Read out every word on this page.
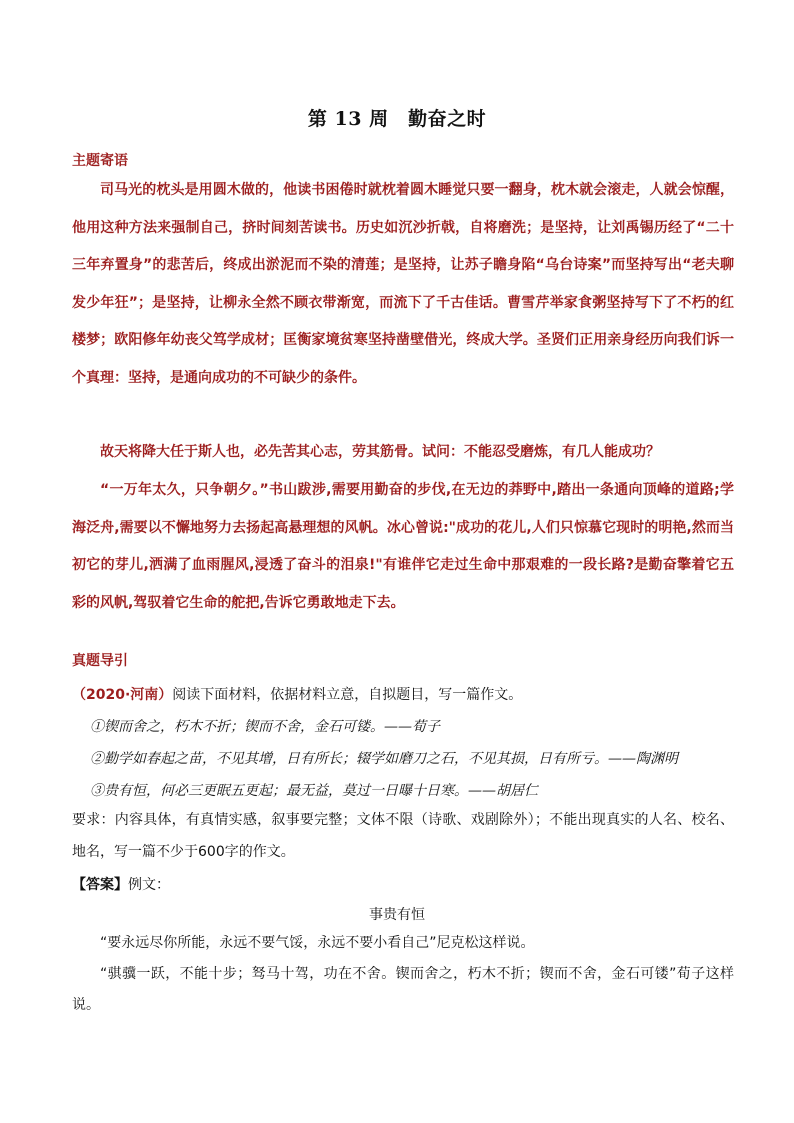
第 13 周　勤奋之时
主题寄语
司马光的枕头是用圆木做的，他读书困倦时就枕着圆木睡觉只要一翻身，枕木就会滚走，人就会惊醒，他用这种方法来强制自己，挤时间刻苦读书。历史如沉沙折戟，自将磨洗；是坚持，让刘禹锡历经了“二十三年弃置身”的悲苦后，终成出淤泥而不染的清莲；是坚持，让苏子瞻身陷“乌台诗案”而坚持写出“老夫聊发少年狂”；是坚持，让柳永全然不顾衣带渐宽，而流下了千古佳话。曹雪芹举家食粥坚持写下了不朽的红楼梦；欧阳修年幼丧父笃学成材；匡衡家境贫寒坚持凿壁借光，终成大学。圣贤们正用亲身经历向我们诉一个真理：坚持，是通向成功的不可缺少的条件。
故天将降大任于斯人也，必先苦其心志，劳其筋骨。试问：不能忍受磨炼，有几人能成功？
“一万年太久，只争朝夕。”书山跋涉,需要用勤奋的步伐,在无边的莽野中,踏出一条通向顶峰的道路;学海泛舟,需要以不懈地努力去扬起高悬理想的风帆。冰心曾说:"成功的花儿,人们只惊慕它现时的明艳,然而当初它的芽儿,洒满了血雨腥风,浸透了奋斗的泪泉!"有谁伴它走过生命中那艰难的一段长路?是勤奋擎着它五彩的风帆,驾驭着它生命的舵把,告诉它勇敢地走下去。
真题导引
（2020·河南）阅读下面材料，依据材料立意，自拟题目，写一篇作文。
①锲而舍之，朽木不折；锲而不舍，金石可镂。——荀子
②勤学如春起之苗，不见其增，日有所长；辍学如磨刀之石，不见其损，日有所亏。——陶渊明
③贵有恒，何必三更眠五更起；最无益，莫过一日曝十日寒。——胡居仁
要求：内容具体，有真情实感，叙事要完整；文体不限（诗歌、戏剧除外）；不能出现真实的人名、校名、地名，写一篇不少于600字的作文。
【答案】例文：
事贵有恒
“要永远尽你所能，永远不要气馁，永远不要小看自己”尼克松这样说。
“骐骥一跃，不能十步；驽马十驾，功在不舍。锲而舍之，朽木不折；锲而不舍，金石可镂”荀子这样说。
